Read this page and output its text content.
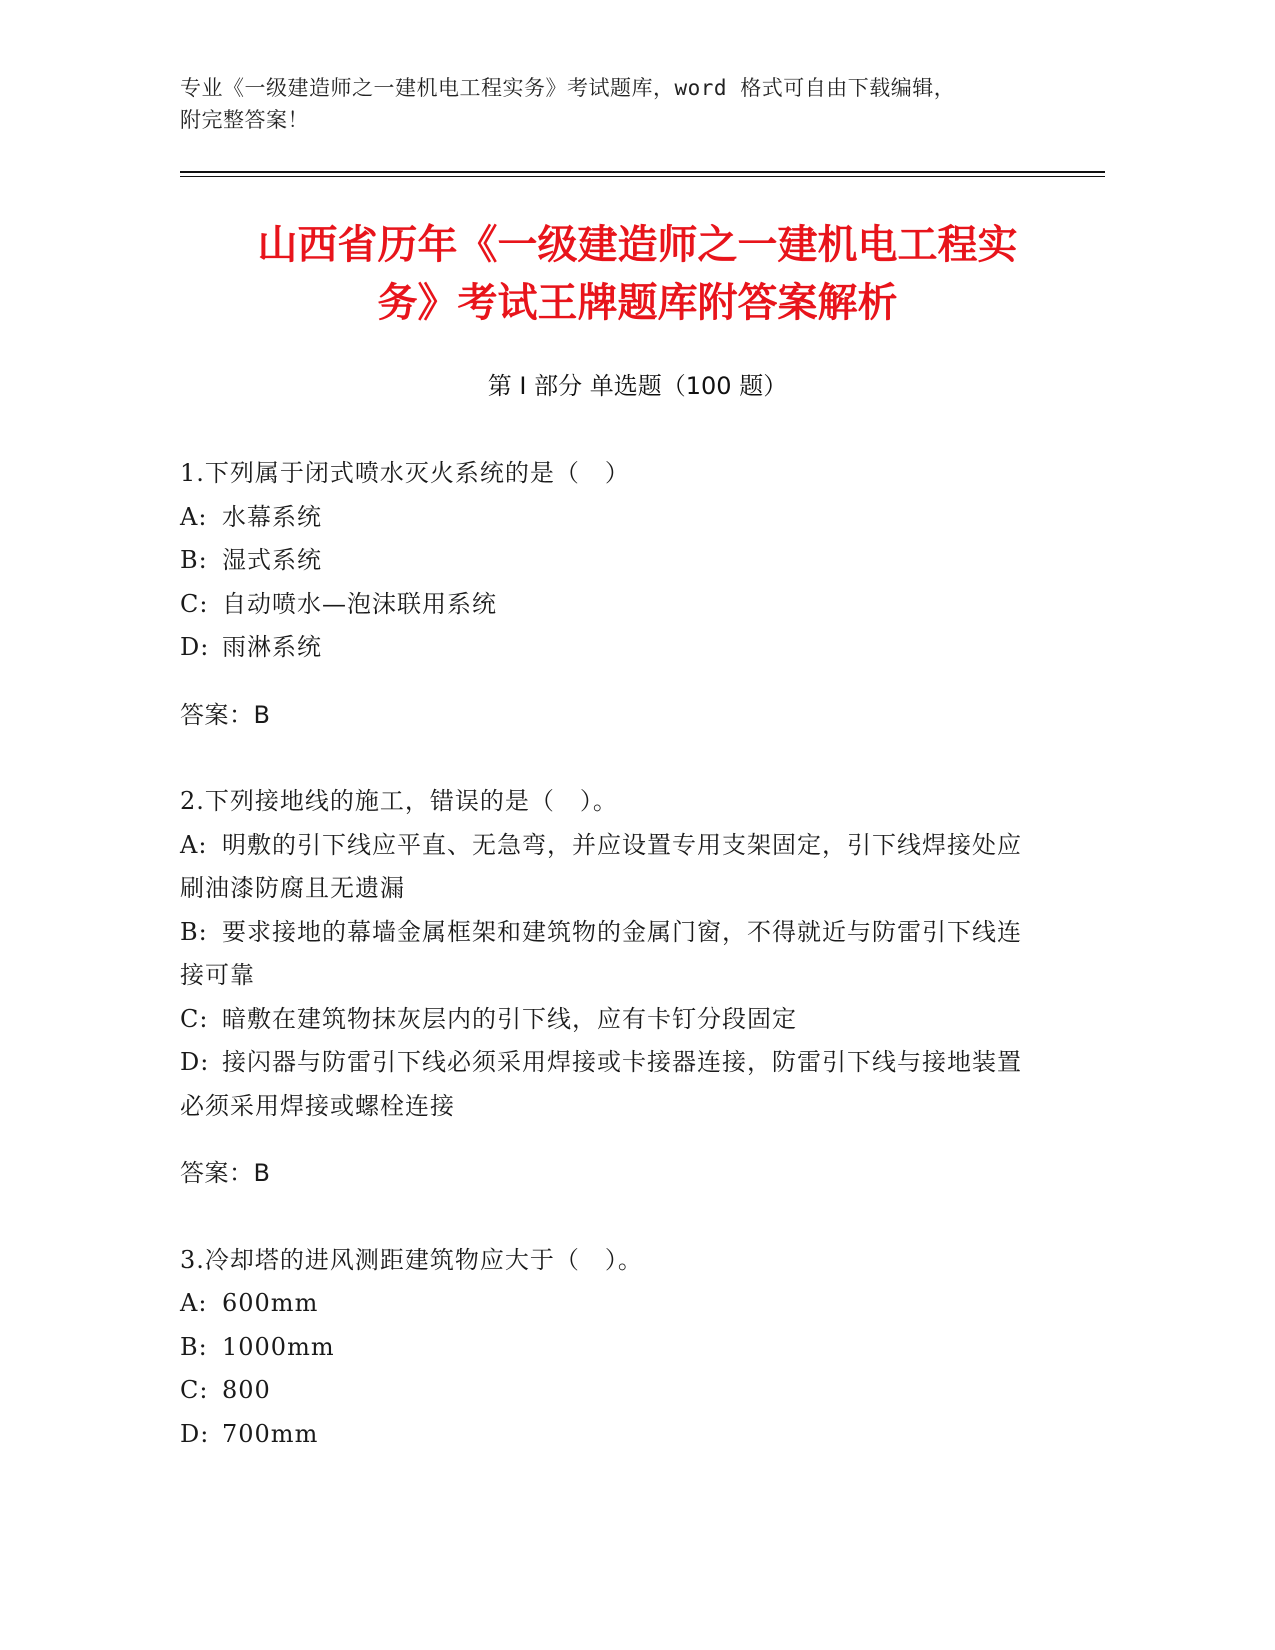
专业《一级建造师之一建机电工程实务》考试题库，word 格式可自由下载编辑，
附完整答案！
山西省历年《一级建造师之一建机电工程实
务》考试王牌题库附答案解析
第 I 部分 单选题（100 题）

1.下列属于闭式喷水灭火系统的是（　）

A: 水幕系统

B: 湿式系统

C: 自动喷水—泡沫联用系统

D: 雨淋系统

答案：B

2.下列接地线的施工，错误的是（　）。

A: 明敷的引下线应平直、无急弯，并应设置专用支架固定，引下线焊接处应刷油漆防腐且无遗漏

B: 要求接地的幕墙金属框架和建筑物的金属门窗，不得就近与防雷引下线连接可靠

C: 暗敷在建筑物抹灰层内的引下线，应有卡钉分段固定

D: 接闪器与防雷引下线必须采用焊接或卡接器连接，防雷引下线与接地装置必须采用焊接或螺栓连接

答案：B

3.冷却塔的进风测距建筑物应大于（　）。

A: 600mm

B: 1000mm

C: 800

D: 700mm
